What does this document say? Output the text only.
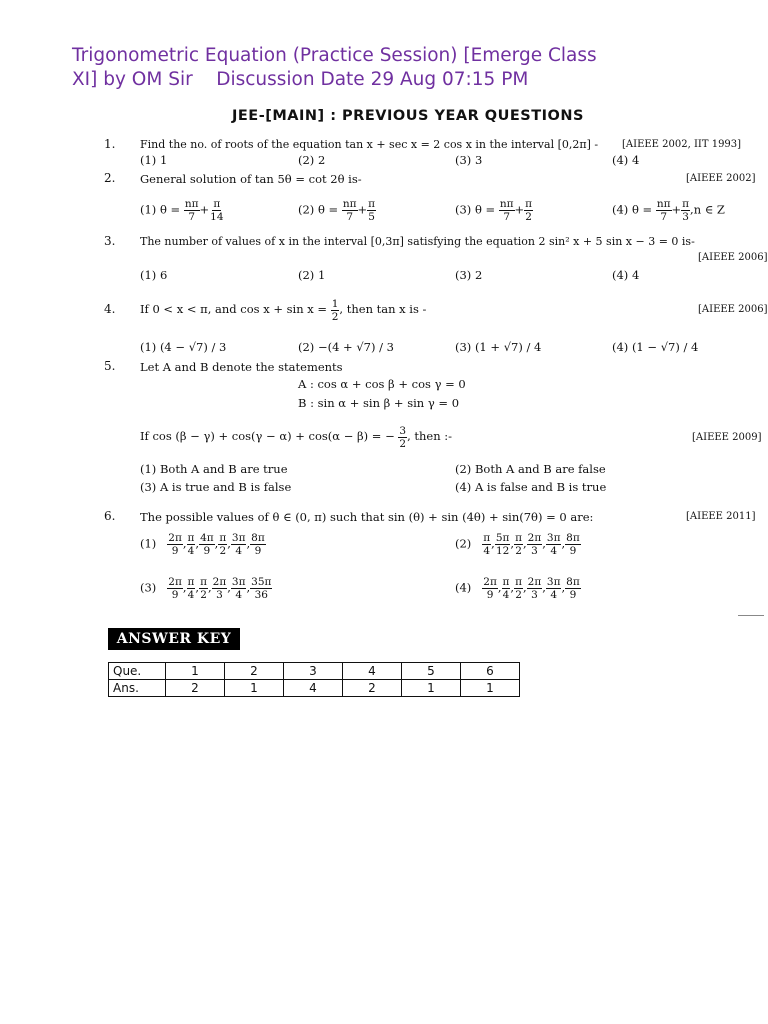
Trigonometric Equation (Practice Session) [Emerge Class
XI] by OM Sir    Discussion Date 29 Aug 07:15 PM
JEE-[MAIN] : PREVIOUS YEAR QUESTIONS
1. Find the no. of roots of the equation tan x + sec x = 2 cos x in the interval [0,2π] - [AIEEE 2002, IIT 1993]
(1) 1	(2) 2	(3) 3	(4) 4
2. General solution of tan 5θ = cot 2θ is-	[AIEEE 2002]
(1) $\theta = \frac{n\pi}{7} + \frac{\pi}{14}$	(2) $\theta = \frac{n\pi}{7} + \frac{\pi}{5}$	(3) $\theta = \frac{n\pi}{7} + \frac{\pi}{2}$	(4) $\theta = \frac{n\pi}{7} + \frac{\pi}{3} ,n$ ∈ Z
3. The number of values of x in the interval [0,3π] satisfying the equation 2 sin² x + 5 sin x − 3 = 0 is-
[AIEEE 2006]
(1) 6	(2) 1	(3) 2	(4) 4
4. If 0 < x < π, and $\cos x + \sin x = \frac{1}{2}$ , then tan x is -	[AIEEE 2006]
(1) (4 − √7) / 3	(2) −(4 + √7) / 3	(3) (1 + √7) / 4	(4) (1 − √7) / 4
5. Let A and B denote the statements
A : cos α + cos β + cos γ = 0
B : sin α + sin β + sin γ = 0
If cos (β − γ) + cos(γ − α) + cos(α − β) = − $\frac{3}{2}$ , then :-	[AIEEE 2009]
(1) Both A and B are true	(2) Both A and B are false
(3) A is true and B is false	(4) A is false and B is true
6. The possible values of θ ∈ (0, π) such that sin (θ) + sin (4θ) + sin(7θ) = 0 are:	[AIEEE 2011]
$(1) \frac{2\pi}{9}$ , $\frac{\pi}{4}$ , $\frac{4\pi}{9}$ , $\frac{\pi}{2}$ , $\frac{3\pi}{4}$ , $\frac{8\pi}{9}$	$(2) \frac{\pi}{4}$ , $\frac{5\pi}{12}$ , $\frac{\pi}{2}$ , $\frac{2\pi}{3}$ , $\frac{3\pi}{4}$ , $\frac{8\pi}{9}$
$(3) \frac{2\pi}{9}$ , $\frac{\pi}{4}$ , $\frac{\pi}{2}$ , $\frac{2\pi}{3}$ , $\frac{3\pi}{4}$ , $\frac{35\pi}{36}$	$(4) \frac{2\pi}{9}$ , $\frac{\pi}{4}$ , $\frac{\pi}{2}$ , $\frac{2\pi}{3}$ , $\frac{3\pi}{4}$ , $\frac{8\pi}{9}$
ANSWER KEY
Que.	1	2	3	4	5	6
Ans.	2	1	4	2	1	1
